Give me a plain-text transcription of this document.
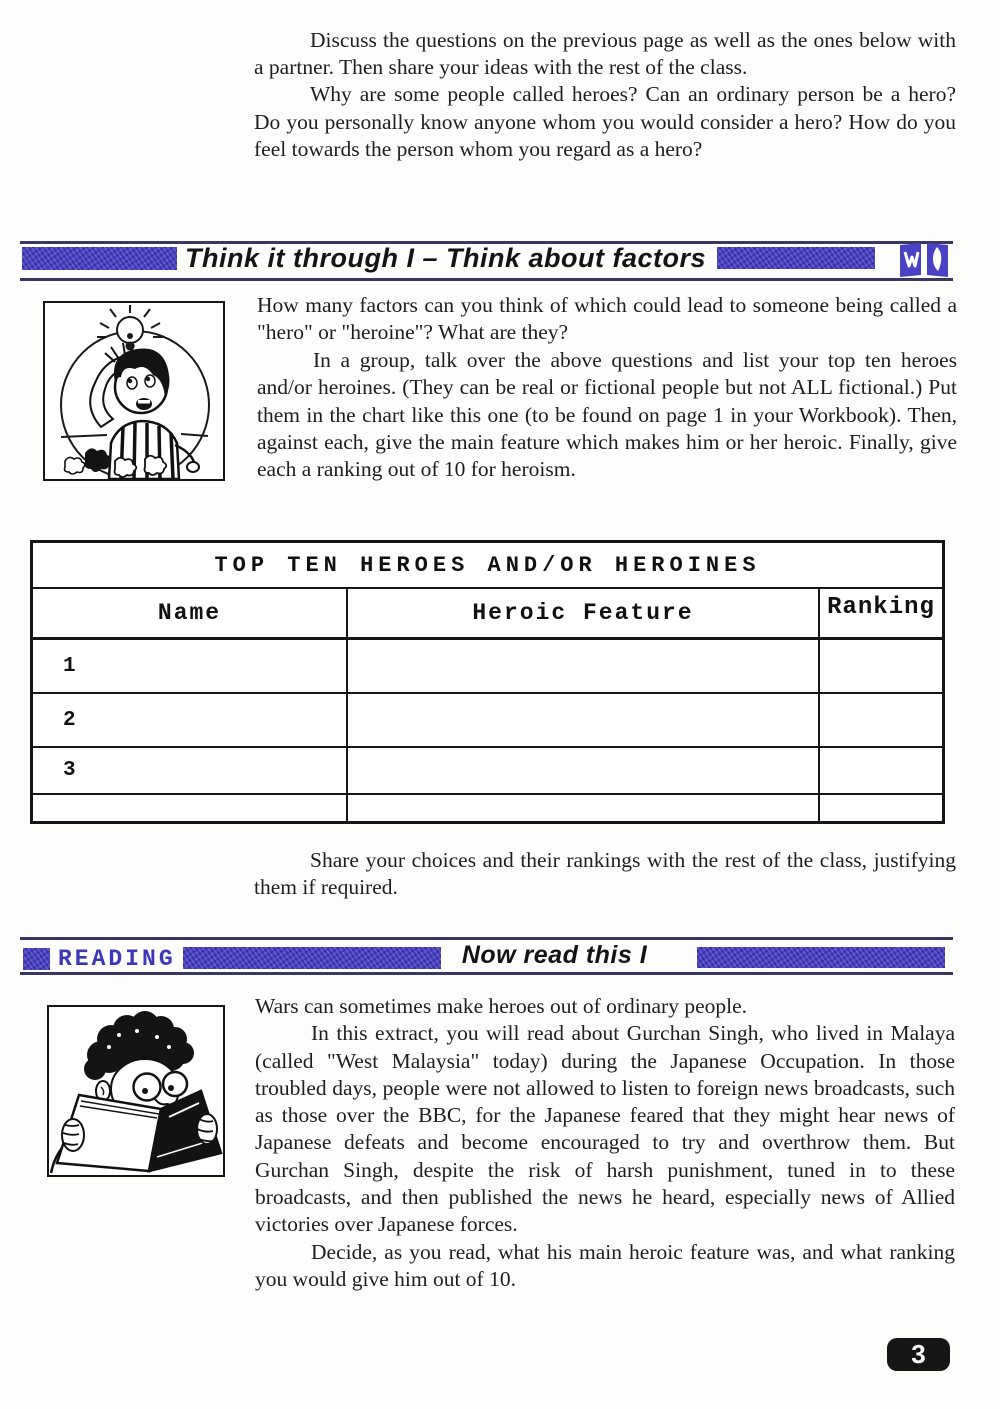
Discuss the questions on the previous page as well as the ones below with a partner. Then share your ideas with the rest of the class.

Why are some people called heroes? Can an ordinary person be a hero? Do you personally know anyone whom you would consider a hero? How do you feel towards the person whom you regard as a hero?

Think it through I – Think about factors

How many factors can you think of which could lead to someone being called a "hero" or "heroine"? What are they?

In a group, talk over the above questions and list your top ten heroes and/or heroines. (They can be real or fictional people but not ALL fictional.) Put them in the chart like this one (to be found on page 1 in your Workbook). Then, against each, give the main feature which makes him or her heroic. Finally, give each a ranking out of 10 for heroism.

TOP TEN HEROES AND/OR HEROINES
Name	Heroic Feature	Ranking
1
2
3

Share your choices and their rankings with the rest of the class, justifying them if required.

READING	Now read this I

Wars can sometimes make heroes out of ordinary people.

In this extract, you will read about Gurchan Singh, who lived in Malaya (called "West Malaysia" today) during the Japanese Occupation. In those troubled days, people were not allowed to listen to foreign news broadcasts, such as those over the BBC, for the Japanese feared that they might hear news of Japanese defeats and become encouraged to try and overthrow them. But Gurchan Singh, despite the risk of harsh punishment, tuned in to these broadcasts, and then published the news he heard, especially news of Allied victories over Japanese forces.

Decide, as you read, what his main heroic feature was, and what ranking you would give him out of 10.

3
